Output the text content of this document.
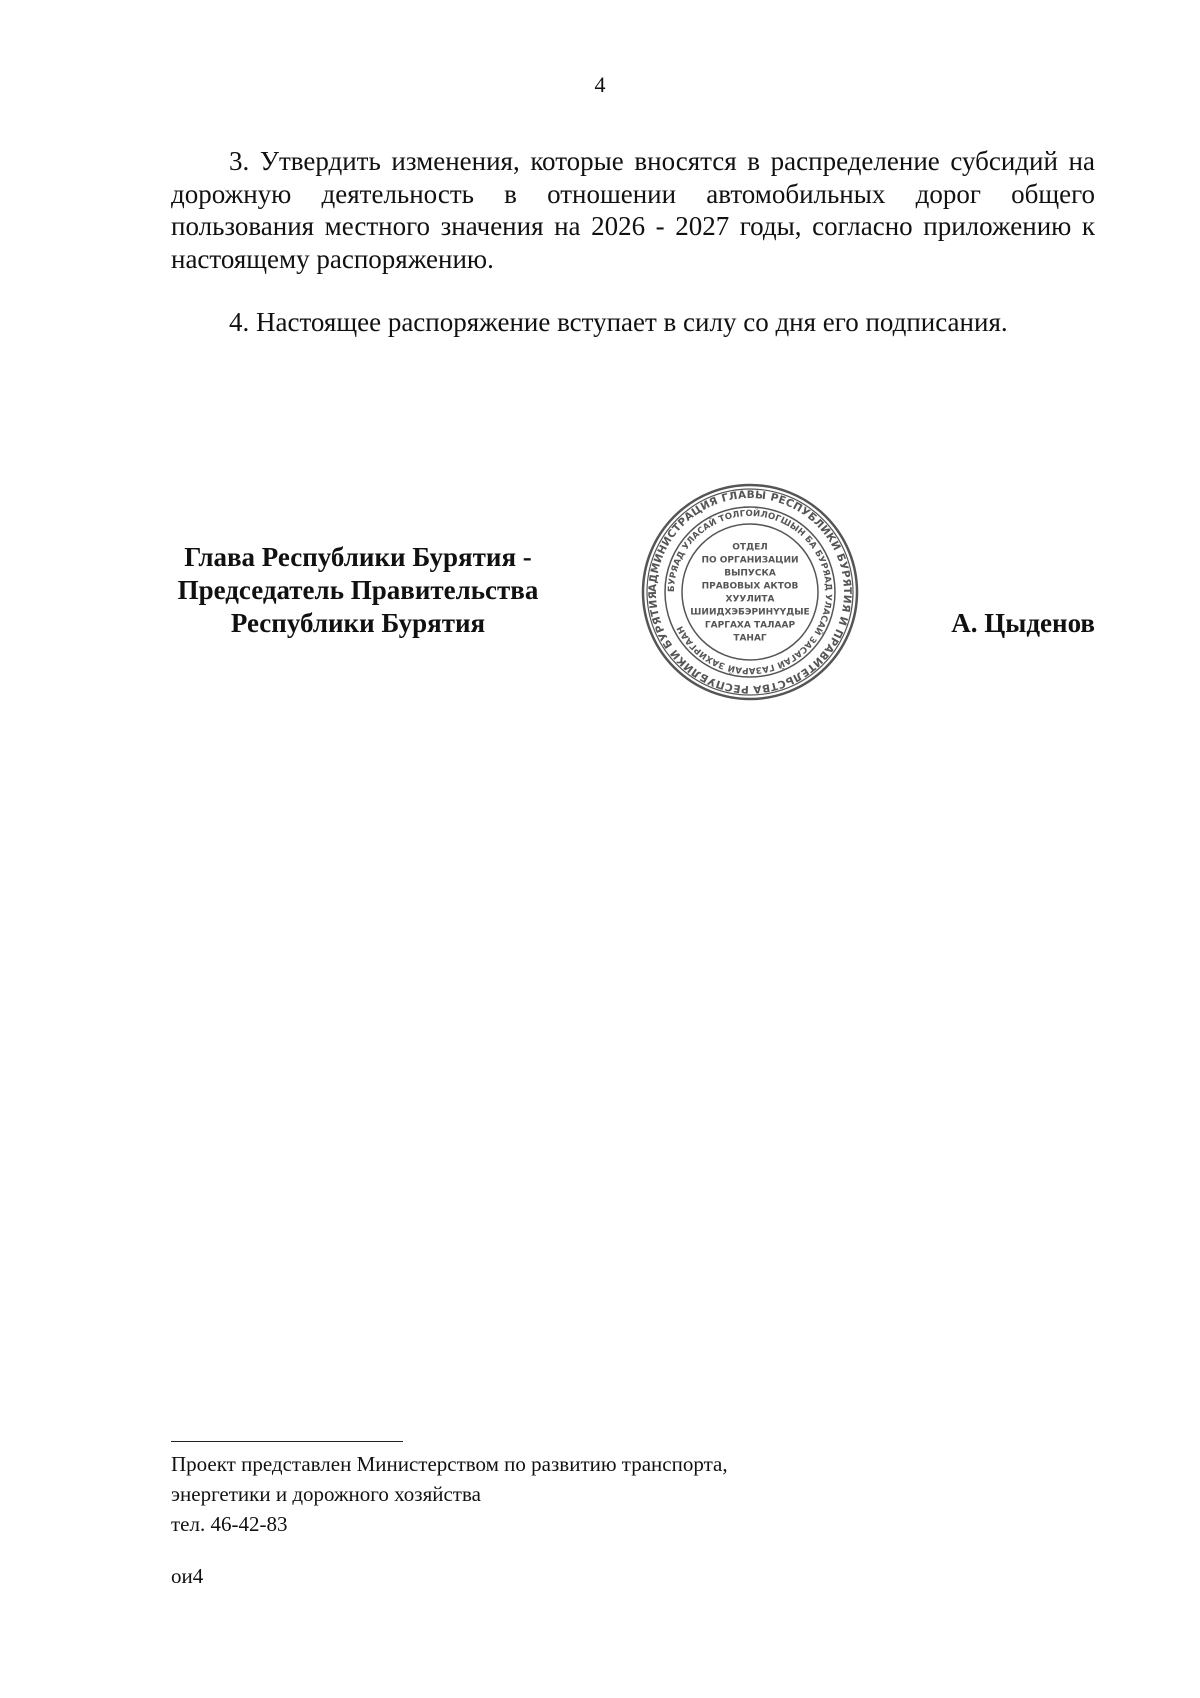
4

3. Утвердить изменения, которые вносятся в распределение субсидий на дорожную деятельность в отношении автомобильных дорог общего пользования местного значения на 2026 - 2027 годы, согласно приложению к настоящему распоряжению.

4. Настоящее распоряжение вступает в силу со дня его подписания.

Глава Республики Бурятия -
Председатель Правительства
Республики Бурятия
АДМИНИСТРАЦИЯ ГЛАВЫ РЕСПУБЛИКИ БУРЯТИЯ И ПРАВИТЕЛЬСТВА РЕСПУБЛИКИ БУРЯТИЯ
БУРЯАД УЛАСАЙ ТОЛГОЙЛОГШЫН БА БУРЯАД УЛАСАЙ ЗАСАГАЙ ГАЗАРАЙ ЗАХИРГААН
ОТДЕЛ
ПО ОРГАНИЗАЦИИ
ВЫПУСКА
ПРАВОВЫХ АКТОВ
ХУУЛИТА
ШИИДХЭБЭРИНҮҮДЫЕ
ГАРГАХА ТАЛААР
ТАНАГ
А. Цыденов
Проект представлен Министерством по развитию транспорта,
энергетики и дорожного хозяйства
тел. 46-42-83
ои4
